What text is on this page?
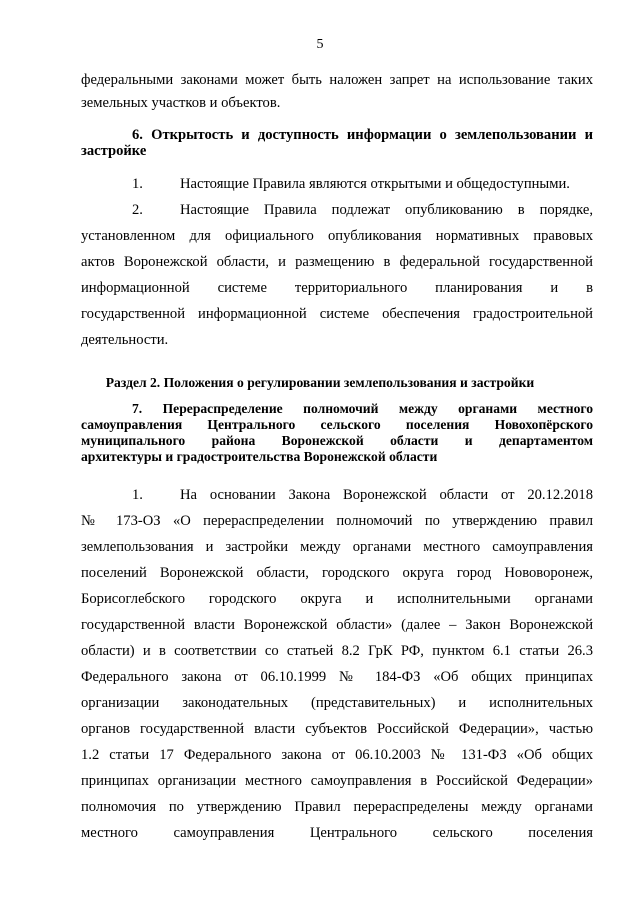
5
федеральными законами может быть наложен запрет на использование таких
земельных участков и объектов.
6. Открытость и доступность информации о землепользовании и
застройке
1.	Настоящие Правила являются открытыми и общедоступными.
2.	Настоящие Правила подлежат опубликованию в порядке,
установленном для официального опубликования нормативных правовых
актов Воронежской области, и размещению в федеральной государственной
информационной системе территориального планирования и в
государственной информационной системе обеспечения градостроительной
деятельности.
Раздел 2. Положения о регулировании землепользования и застройки
7. Перераспределение полномочий между органами местного
самоуправления Центрального сельского поселения Новохопёрского
муниципального района Воронежской области и департаментом
архитектуры и градостроительства Воронежской области
1.	На основании Закона Воронежской области от 20.12.2018
№ 173-ОЗ «О перераспределении полномочий по утверждению правил
землепользования и застройки между органами местного самоуправления
поселений Воронежской области, городского округа город Нововоронеж,
Борисоглебского городского округа и исполнительными органами
государственной власти Воронежской области» (далее – Закон Воронежской
области) и в соответствии со статьей 8.2 ГрК РФ, пунктом 6.1 статьи 26.3
Федерального закона от 06.10.1999 № 184-ФЗ «Об общих принципах
организации законодательных (представительных) и исполнительных
органов государственной власти субъектов Российской Федерации», частью
1.2 статьи 17 Федерального закона от 06.10.2003 № 131-ФЗ «Об общих
принципах организации местного самоуправления в Российской Федерации»
полномочия по утверждению Правил перераспределены между органами
местного самоуправления Центрального сельского поселения
